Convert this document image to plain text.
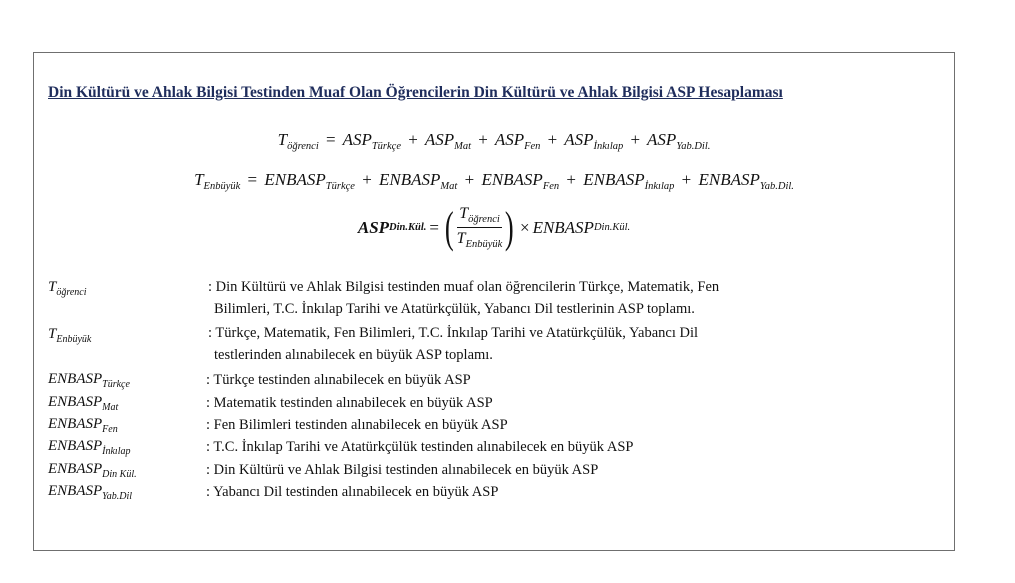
Din Kültürü ve Ahlak Bilgisi Testinden Muaf Olan Öğrencilerin Din Kültürü ve Ahlak Bilgisi ASP Hesaplaması
$T_{öğrenci} = ASP_{Türkçe} + ASP_{Mat} + ASP_{Fen} + ASP_{İnkılap} + ASP_{Yab.Dil.}$
$T_{Enbüyük}$ = $ENBASP_{Türkçe}$ + $ENBASP_{Mat}$ + $ENBASP_{Fen}$ + $ENBASP_{İnkılap}$ + $ENBASP_{Yab.Dil.}$
ASP Din.Kül. = ( $\frac{T_{öğrenci}}{T_{Enbüyük}}$ ) × ENBASP Din.Kül.
$T_{öğrenci}$	: Din Kültürü ve Ahlak Bilgisi testinden muaf olan öğrencilerin Türkçe, Matematik, Fen
Bilimleri, T.C. İnkılap Tarihi ve Atatürkçülük, Yabancı Dil testlerinin ASP toplamı.
$T_{Enbüyük}$	: Türkçe, Matematik, Fen Bilimleri, T.C. İnkılap Tarihi ve Atatürkçülük, Yabancı Dil
testlerinden alınabilecek en büyük ASP toplamı.
$ENBASP_{Türkçe}$	: Türkçe testinden alınabilecek en büyük ASP
$ENBASP_{Mat}$	: Matematik testinden alınabilecek en büyük ASP
$ENBASP_{Fen}$	: Fen Bilimleri testinden alınabilecek en büyük ASP
$ENBASP_{İnkılap}$	: T.C. İnkılap Tarihi ve Atatürkçülük testinden alınabilecek en büyük ASP
$ENBASP_{Din Kül.}$	: Din Kültürü ve Ahlak Bilgisi testinden alınabilecek en büyük ASP
$ENBASP_{Yab.Dil}$	: Yabancı Dil testinden alınabilecek en büyük ASP
